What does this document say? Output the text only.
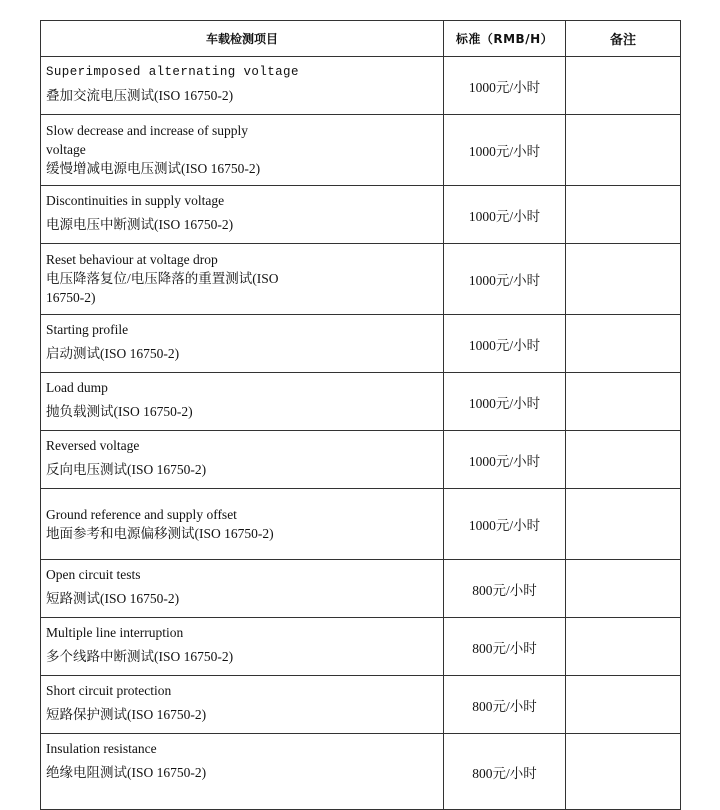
车载检测项目	标准（RMB/H）	备注

Superimposed alternating voltage
叠加交流电压测试(ISO 16750-2)	1000元/小时	

Slow decrease and increase of supply voltage
缓慢增减电源电压测试(ISO 16750-2)	1000元/小时	

Discontinuities in supply voltage
电源电压中断测试(ISO 16750-2)	1000元/小时	

Reset behaviour at voltage drop
电压降落复位/电压降落的重置测试(ISO 16750-2)	1000元/小时	

Starting profile
启动测试(ISO 16750-2)	1000元/小时	

Load dump
抛负载测试(ISO 16750-2)	1000元/小时	

Reversed voltage
反向电压测试(ISO 16750-2)	1000元/小时	

Ground reference and supply offset
地面参考和电源偏移测试(ISO 16750-2)	1000元/小时	

Open circuit tests
短路测试(ISO 16750-2)	800元/小时	

Multiple line interruption
多个线路中断测试(ISO 16750-2)	800元/小时	

Short circuit protection
短路保护测试(ISO 16750-2)	800元/小时	

Insulation resistance
绝缘电阻测试(ISO 16750-2)	800元/小时	
